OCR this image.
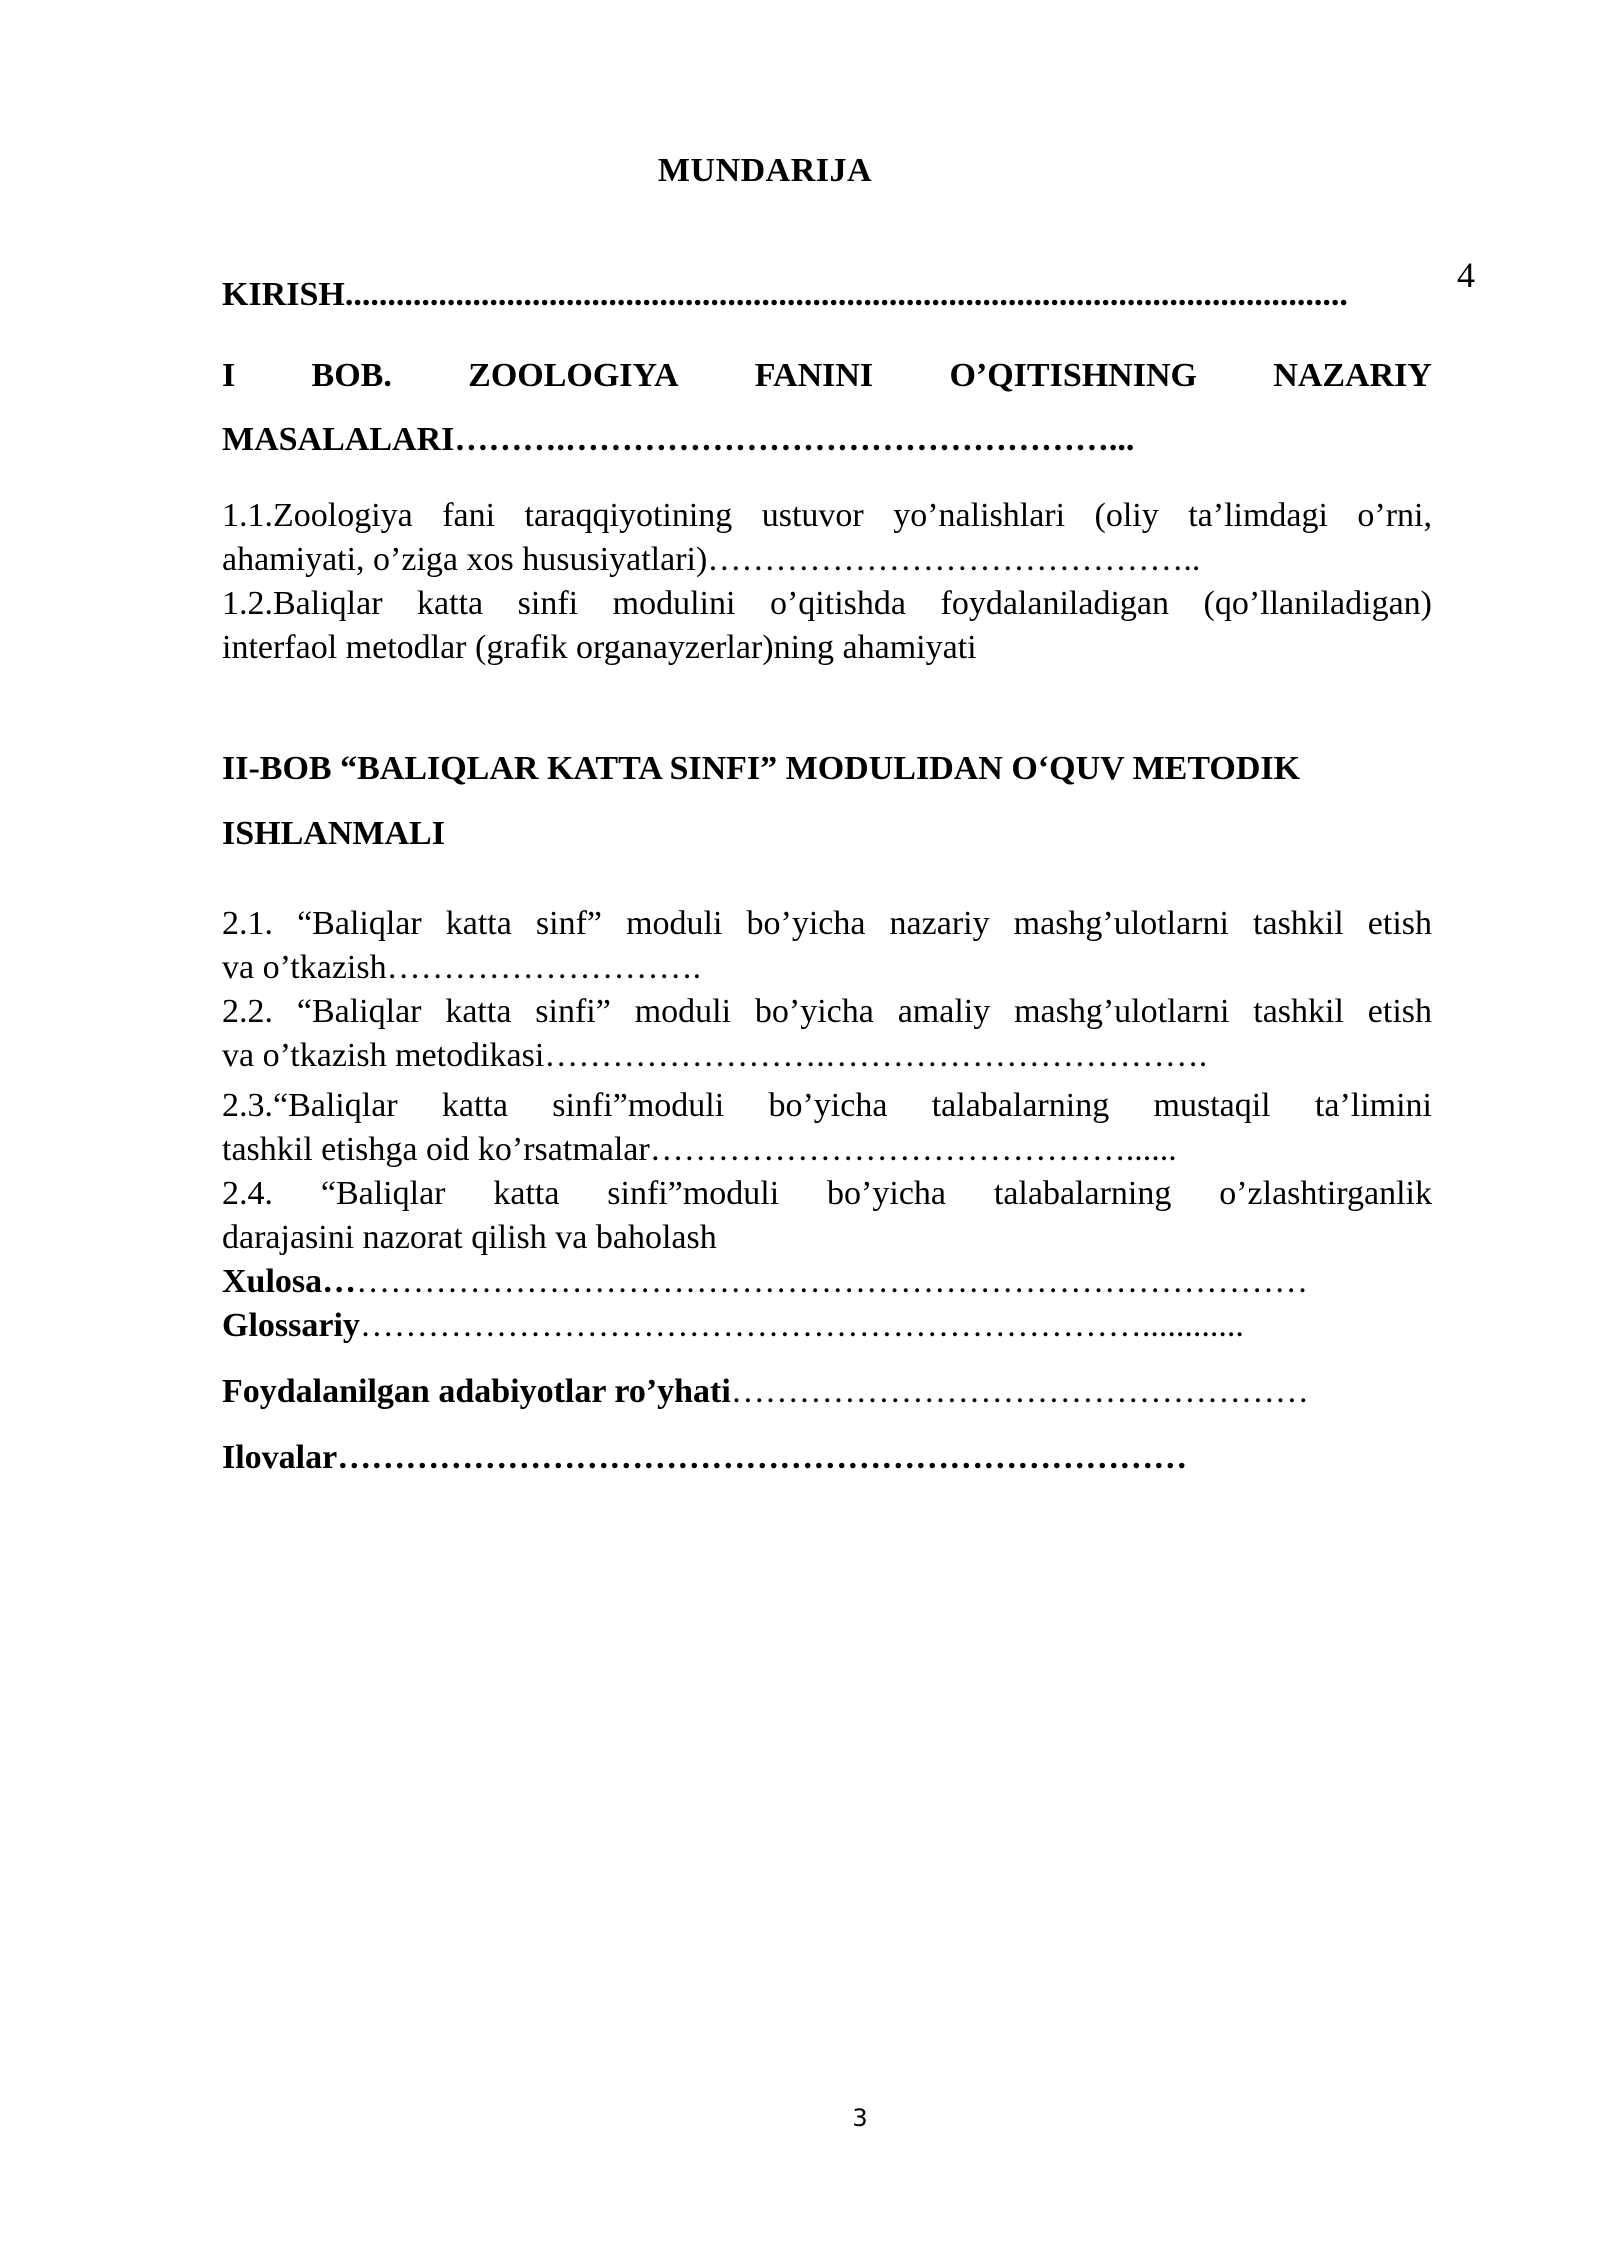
MUNDARIJA
4
KIRISH......................................................................................................................
I BOB. ZOOLOGIYA FANINI O’QITISHNING NAZARIY
MASALALARI……….…………………………………………...
1.1.Zoologiya fani taraqqiyotining ustuvor yo’nalishlari (oliy ta’limdagi o’rni,
ahamiyati, o’ziga xos hususiyatlari)……………………………………..
1.2.Baliqlar katta sinfi modulini o’qitishda foydalaniladigan (qo’llaniladigan)
interfaol metodlar (grafik organayzerlar)ning ahamiyati
II-BOB “BALIQLAR KATTA SINFI” MODULIDAN O‘QUV METODIK
ISHLANMALI
2.1. “Baliqlar katta sinf” moduli bo’yicha nazariy mashg’ulotlarni tashkil etish
va o’tkazish……………………….
2.2. “Baliqlar katta sinfi” moduli bo’yicha amaliy mashg’ulotlarni tashkil etish
va o’tkazish metodikasi…………………….…………………………….
2.3.“Baliqlar katta sinfi”moduli bo’yicha talabalarning mustaqil ta’limini
tashkil etishga oid ko’rsatmalar……………………………………......
2.4. “Baliqlar katta sinfi”moduli bo’yicha talabalarning o’zlashtirganlik
darajasini nazorat qilish va baholash
Xulosa……………………………………………………………………………
Glossariy……………………………………………………………............
Foydalanilgan adabiyotlar ro’yhati……………………………………………
Ilovalar…………………………………………………………………
3
